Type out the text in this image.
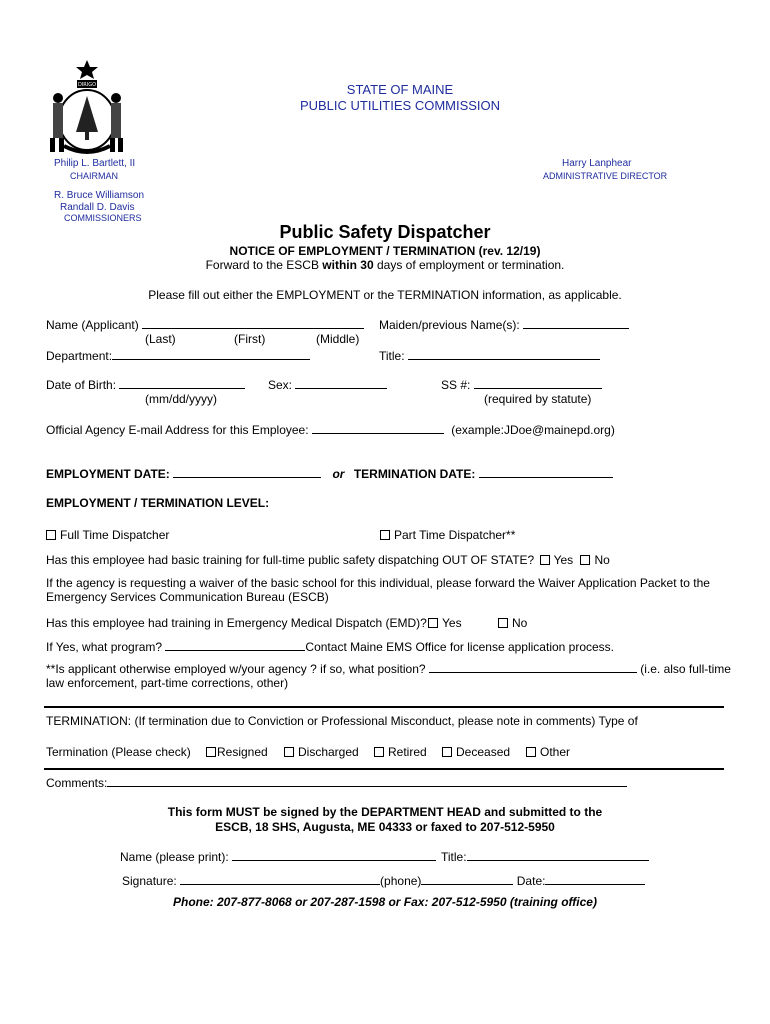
DIRIGO	STATE OF MAINE
PUBLIC UTILITIES COMMISSION
Philip L. Bartlett, II
CHAIRMAN
R. Bruce Williamson
Randall D. Davis
COMMISSIONERS
Harry Lanphear
ADMINISTRATIVE DIRECTOR
Public Safety Dispatcher
NOTICE OF EMPLOYMENT / TERMINATION (rev. 12/19)
Forward to the ESCB within 30 days of employment or termination.
Please fill out either the EMPLOYMENT or the TERMINATION information, as applicable.
Name (Applicant)
(Last)	(First)	(Middle)
Maiden/previous Name(s):
Department:	Title:
Date of Birth:
(mm/dd/yyyy)
Sex:	SS #:
(required by statute)
Official Agency E-mail Address for this Employee:	(example:JDoe@mainepd.org)
EMPLOYMENT DATE:	or TERMINATION DATE:
EMPLOYMENT / TERMINATION LEVEL:
Full Time Dispatcher	Part Time Dispatcher**
Has this employee had basic training for full-time public safety dispatching OUT OF STATE? Yes No
If the agency is requesting a waiver of the basic school for this individual, please forward the Waiver Application Packet to the Emergency Services Communication Bureau (ESCB)
Has this employee had training in Emergency Medical Dispatch (EMD)?	Yes	No
If Yes, what program?	Contact Maine EMS Office for license application process.
**Is applicant otherwise employed w/your agency ? if so, what position?	(i.e. also full-time
law enforcement, part-time corrections, other)
TERMINATION: (If termination due to Conviction or Professional Misconduct, please note in comments) Type of
Termination (Please check)	Resigned	Discharged	Retired	Deceased	Other
Comments:
This form MUST be signed by the DEPARTMENT HEAD and submitted to the
ESCB, 18 SHS, Augusta, ME 04333 or faxed to 207-512-5950
Name (please print):	Title:
Signature:	(phone)	Date:
Phone: 207-877-8068 or 207-287-1598 or Fax: 207-512-5950 (training office)
